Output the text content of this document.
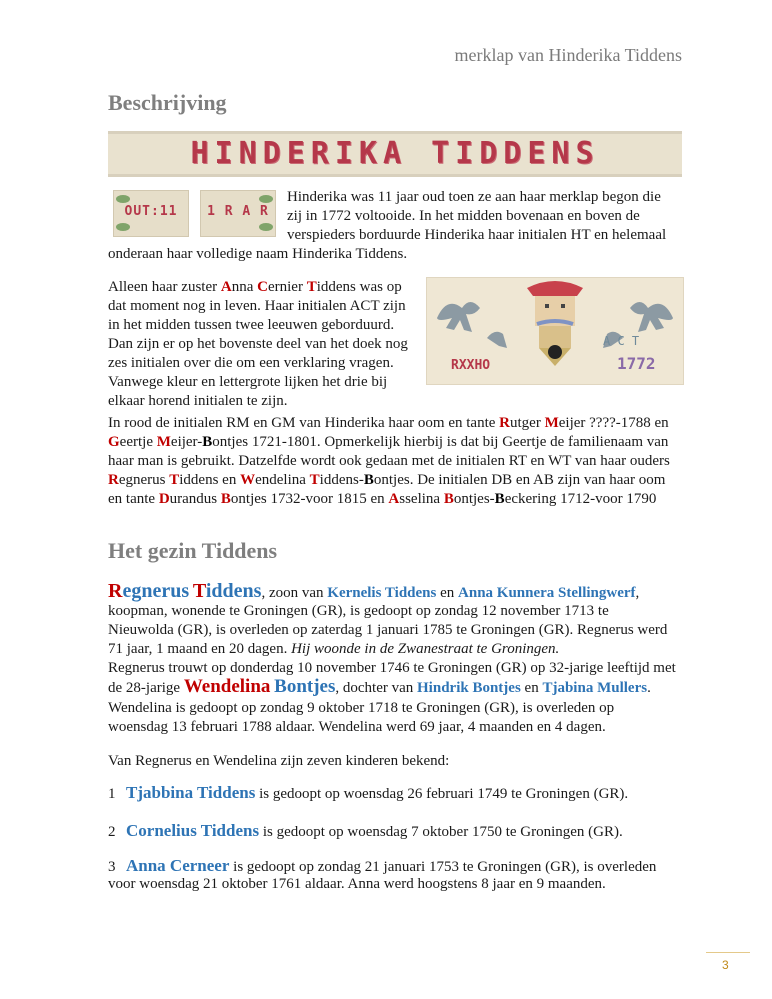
merklap van Hinderika Tiddens
Beschrijving
HINDERIKA TIDDENS
OUT:11	1 R A R
Hinderika was 11 jaar oud toen ze aan haar merklap begon die
zij in 1772 voltooide. In het midden bovenaan en boven de
verspieders borduurde Hinderika haar initialen HT en helemaal
onderaan haar volledige naam Hinderika Tiddens.
Alleen haar zuster Anna Cernier Tiddens was op
dat moment nog in leven. Haar initialen ACT zijn
in het midden tussen twee leeuwen geborduurd.
Dan zijn er op het bovenste deel van het doek nog
zes initialen over die om een verklaring vragen.
Vanwege kleur en lettergrote lijken het drie bij
elkaar horend initialen te zijn.
RXXHO	1772
A C T
In rood de initialen RM en GM van Hinderika haar oom en tante Rutger Meijer ????-1788 en
Geertje Meijer-Bontjes 1721-1801. Opmerkelijk hierbij is dat bij Geertje de familienaam van
haar man is gebruikt. Datzelfde wordt ook gedaan met de initialen RT en WT van haar ouders
Regnerus Tiddens en Wendelina Tiddens-Bontjes. De initialen DB en AB zijn van haar oom
en tante Durandus Bontjes 1732-voor 1815 en Asselina Bontjes-Beckering 1712-voor 1790
Het gezin Tiddens
Regnerus Tiddens, zoon van Kernelis Tiddens en Anna Kunnera Stellingwerf,
koopman, wonende te Groningen (GR), is gedoopt op zondag 12 november 1713 te
Nieuwolda (GR), is overleden op zaterdag 1 januari 1785 te Groningen (GR). Regnerus werd
71 jaar, 1 maand en 20 dagen. Hij woonde in de Zwanestraat te Groningen.
Regnerus trouwt op donderdag 10 november 1746 te Groningen (GR) op 32-jarige leeftijd met
de 28-jarige Wendelina Bontjes, dochter van Hindrik Bontjes en Tjabina Mullers.
Wendelina is gedoopt op zondag 9 oktober 1718 te Groningen (GR), is overleden op
woensdag 13 februari 1788 aldaar. Wendelina werd 69 jaar, 4 maanden en 4 dagen.
Van Regnerus en Wendelina zijn zeven kinderen bekend:
1 Tjabbina Tiddens is gedoopt op woensdag 26 februari 1749 te Groningen (GR).
2 Cornelius Tiddens is gedoopt op woensdag 7 oktober 1750 te Groningen (GR).
3 Anna Cerneer is gedoopt op zondag 21 januari 1753 te Groningen (GR), is overleden
voor woensdag 21 oktober 1761 aldaar. Anna werd hoogstens 8 jaar en 9 maanden.
3
